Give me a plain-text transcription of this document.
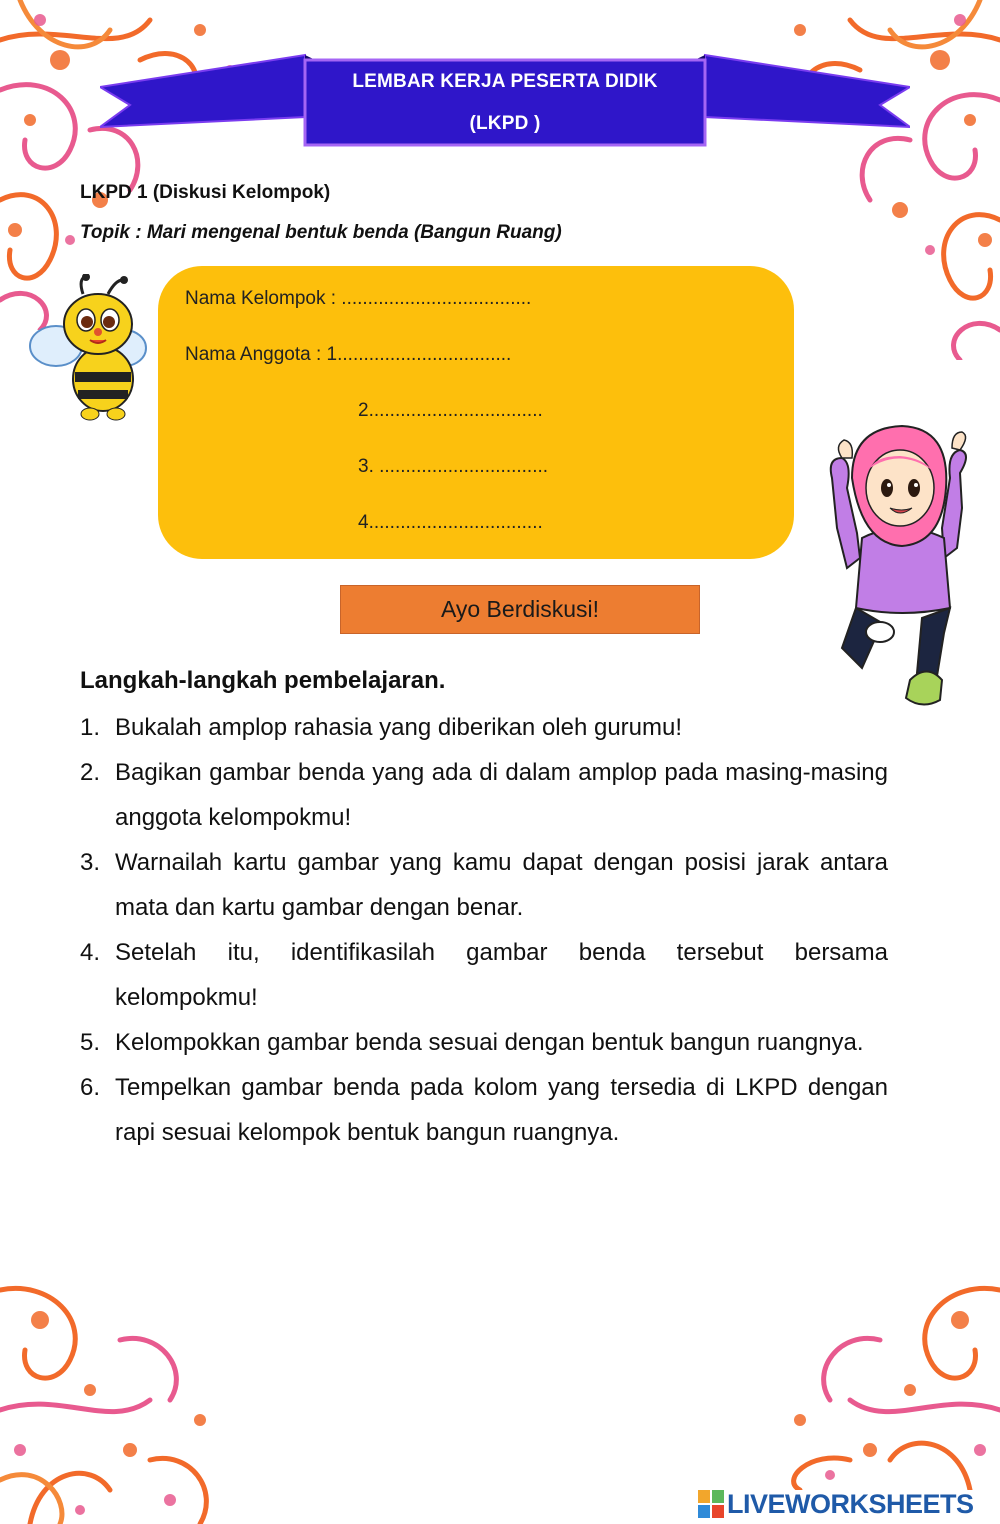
LEMBAR KERJA PESERTA DIDIK
(LKPD )
LKPD 1 (Diskusi Kelompok)
Topik : Mari mengenal bentuk benda (Bangun Ruang)
Nama Kelompok : ....................................
Nama Anggota : 1.................................
2.................................
3. ................................
4.................................
Ayo Berdiskusi!
Langkah-langkah pembelajaran.
1. Bukalah amplop rahasia yang diberikan oleh gurumu!
2. Bagikan gambar benda yang ada di dalam amplop pada masing-masing anggota kelompokmu!
3. Warnailah kartu gambar yang kamu dapat dengan posisi jarak antara mata dan kartu gambar dengan benar.
4. Setelah itu, identifikasilah gambar benda tersebut bersama kelompokmu!
5. Kelompokkan gambar benda sesuai dengan bentuk bangun ruangnya.
6. Tempelkan gambar benda pada kolom yang tersedia di LKPD dengan rapi sesuai kelompok bentuk bangun ruangnya.
LIVEWORKSHEETS
